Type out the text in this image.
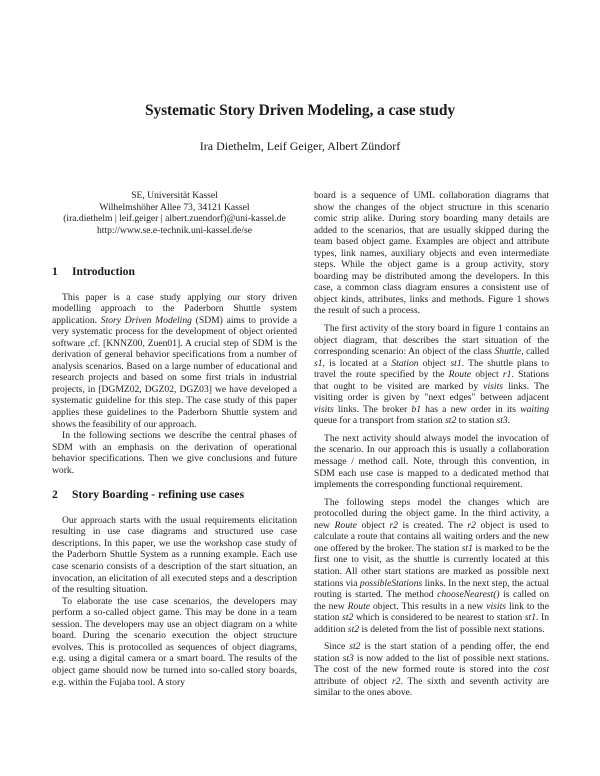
Systematic Story Driven Modeling, a case study
Ira Diethelm, Leif Geiger, Albert Zündorf
SE, Universität Kassel
Wilhelmshöher Allee 73, 34121 Kassel
(ira.diethelm | leif.geiger | albert.zuendorf)@uni-kassel.de
http://www.se.e-technik.uni-kassel.de/se
1 Introduction

This paper is a case study applying our story driven modelling approach to the Paderborn Shuttle system application. Story Driven Modeling (SDM) aims to provide a very systematic process for the development of object oriented software ,cf. [KNNZ00, Zuen01]. A crucial step of SDM is the derivation of general behavior specifications from a number of analysis scenarios. Based on a large number of educational and research projects and based on some first trials in industrial projects, in [DGMZ02, DGZ02, DGZ03] we have developed a systematic guideline for this step. The case study of this paper applies these guidelines to the Paderborn Shuttle system and shows the feasibility of our approach.

In the following sections we describe the central phases of SDM with an emphasis on the derivation of operational behavior specifications. Then we give conclusions and future work.

2 Story Boarding - refining use cases

Our approach starts with the usual requirements elicitation resulting in use case diagrams and structured use case descriptions. In this paper, we use the workshop case study of the Paderborn Shuttle System as a running example. Each use case scenario consists of a description of the start situation, an invocation, an elicitation of all executed steps and a description of the resulting situation.

To elaborate the use case scenarios, the developers may perform a so-called object game. This may be done in a team session. The developers may use an object diagram on a white board. During the scenario execution the object structure evolves. This is protocolled as sequences of object diagrams, e.g. using a digital camera or a smart board. The results of the object game should now be turned into so-called story boards, e.g. within the Fujaba tool. A story

board is a sequence of UML collaboration diagrams that show the changes of the object structure in this scenario comic strip alike. During story boarding many details are added to the scenarios, that are usually skipped during the team based object game. Examples are object and attribute types, link names, auxiliary objects and even intermediate steps. While the object game is a group activity, story boarding may be distributed among the developers. In this case, a common class diagram ensures a consistent use of object kinds, attributes, links and methods. Figure 1 shows the result of such a process.

The first activity of the story board in figure 1 contains an object diagram, that describes the start situation of the corresponding scenario: An object of the class Shuttle, called s1, is located at a Station object st1. The shuttle plans to travel the route specified by the Route object r1. Stations that ought to be visited are marked by visits links. The visiting order is given by "next edges" between adjacent visits links. The broker b1 has a new order in its waiting queue for a transport from station st2 to station st3.

The next activity should always model the invocation of the scenario. In our approach this is usually a collaboration message / method call. Note, through this convention, in SDM each use case is mapped to a dedicated method that implements the corresponding functional requirement.

The following steps model the changes which are protocolled during the object game. In the third activity, a new Route object r2 is created. The r2 object is used to calculate a route that contains all waiting orders and the new one offered by the broker. The station st1 is marked to be the first one to visit, as the shuttle is currently located at this station. All other start stations are marked as possible next stations via possibleStations links. In the next step, the actual routing is started. The method chooseNearest() is called on the new Route object. This results in a new visits link to the station st2 which is considered to be nearest to station st1. In addition st2 is deleted from the list of possible next stations.

Since st2 is the start station of a pending offer, the end station st3 is now added to the list of possible next stations. The cost of the new formed route is stored into the cost attribute of object r2. The sixth and seventh activity are similar to the ones above.
